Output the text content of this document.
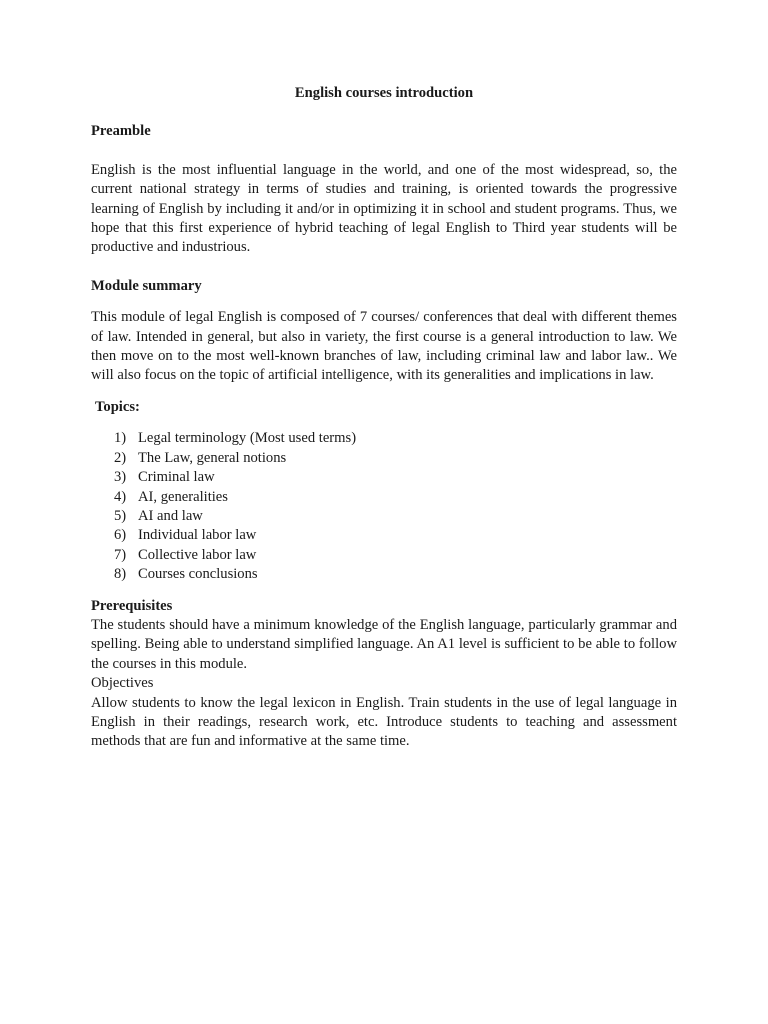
English courses introduction

Preamble

English is the most influential language in the world, and one of the most widespread, so, the current national strategy in terms of studies and training, is oriented towards the progressive learning of English by including it and/or in optimizing it in school and student programs. Thus, we hope that this first experience of hybrid teaching of legal English to Third year students will be productive and industrious.

Module summary

This module of legal English is composed of 7 courses/ conferences that deal with different themes of law. Intended in general, but also in variety, the first course is a general introduction to law. We then move on to the most well-known branches of law, including criminal law and labor law.. We will also focus on the topic of artificial intelligence, with its generalities and implications in law.

Topics:

1) Legal terminology (Most used terms)
2) The Law, general notions
3) Criminal law
4) AI, generalities
5) AI and law
6) Individual labor law
7) Collective labor law
8) Courses conclusions

Prerequisites

The students should have a minimum knowledge of the English language, particularly grammar and spelling. Being able to understand simplified language. An A1 level is sufficient to be able to follow the courses in this module.

Objectives

Allow students to know the legal lexicon in English. Train students in the use of legal language in English in their readings, research work, etc. Introduce students to teaching and assessment methods that are fun and informative at the same time.
